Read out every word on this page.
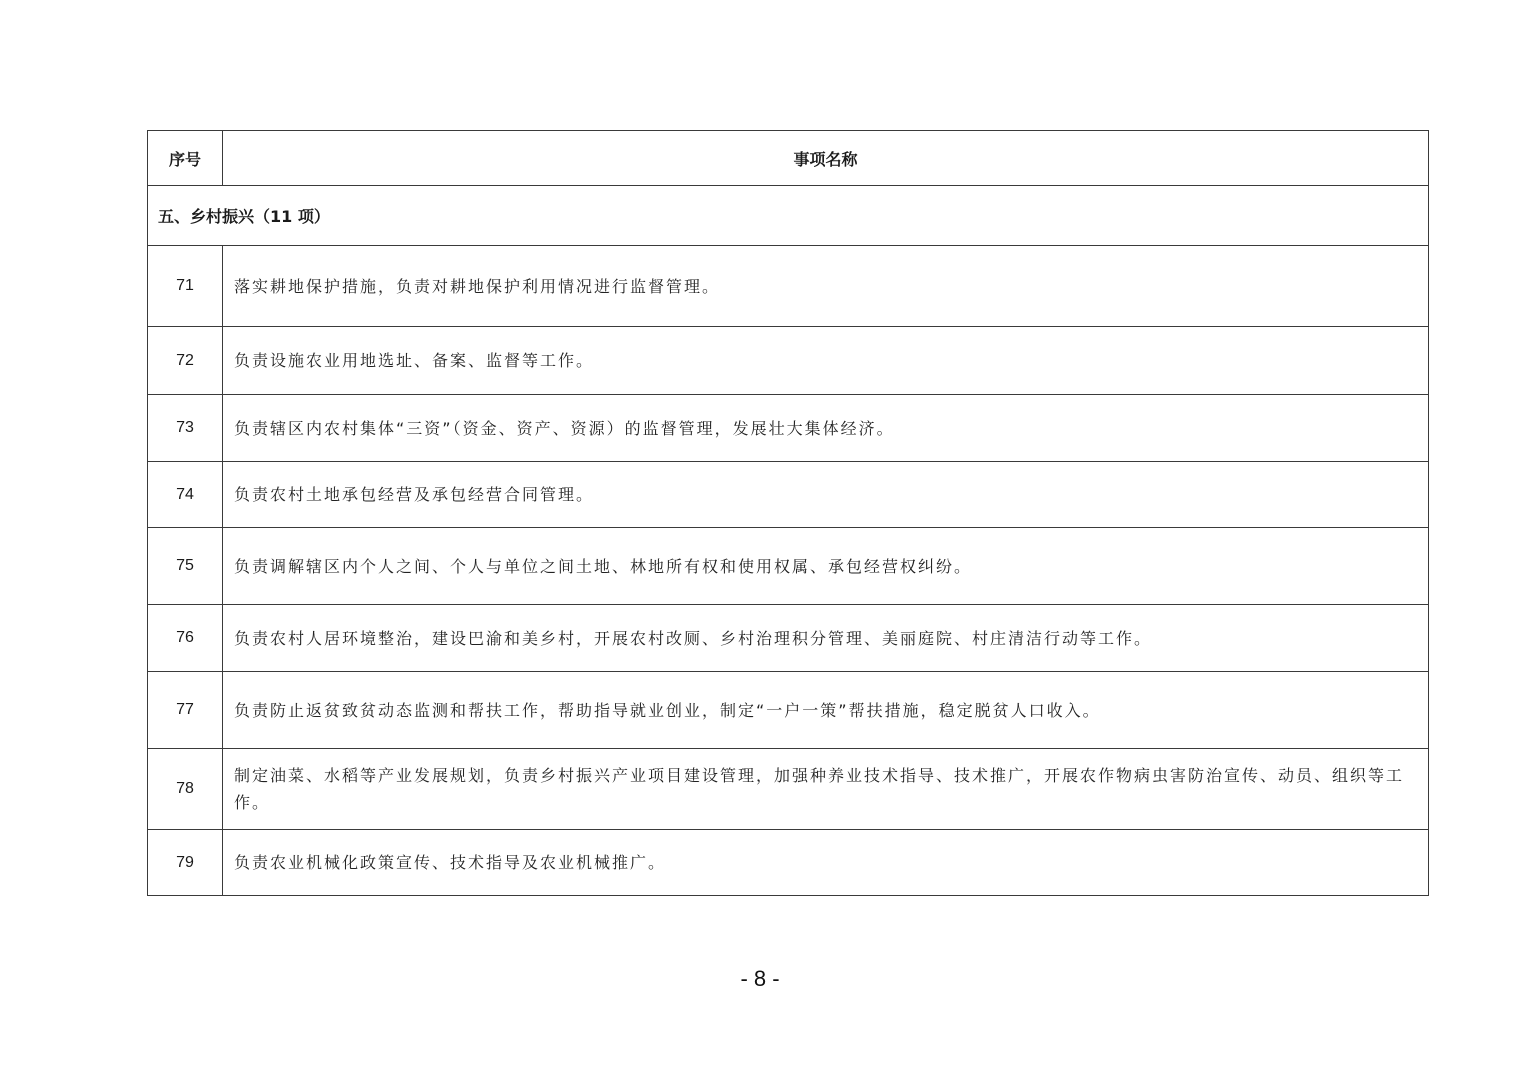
序号	事项名称
五、乡村振兴（11 项）	
71	落实耕地保护措施，负责对耕地保护利用情况进行监督管理。
72	负责设施农业用地选址、备案、监督等工作。
73	负责辖区内农村集体“三资”（资金、资产、资源）的监督管理，发展壮大集体经济。
74	负责农村土地承包经营及承包经营合同管理。
75	负责调解辖区内个人之间、个人与单位之间土地、林地所有权和使用权属、承包经营权纠纷。
76	负责农村人居环境整治，建设巴渝和美乡村，开展农村改厕、乡村治理积分管理、美丽庭院、村庄清洁行动等工作。
77	负责防止返贫致贫动态监测和帮扶工作，帮助指导就业创业，制定“一户一策”帮扶措施，稳定脱贫人口收入。
78	制定油菜、水稻等产业发展规划，负责乡村振兴产业项目建设管理，加强种养业技术指导、技术推广，开展农作物病虫害防治宣传、动员、组织等工作。
79	负责农业机械化政策宣传、技术指导及农业机械推广。
- 8 -
